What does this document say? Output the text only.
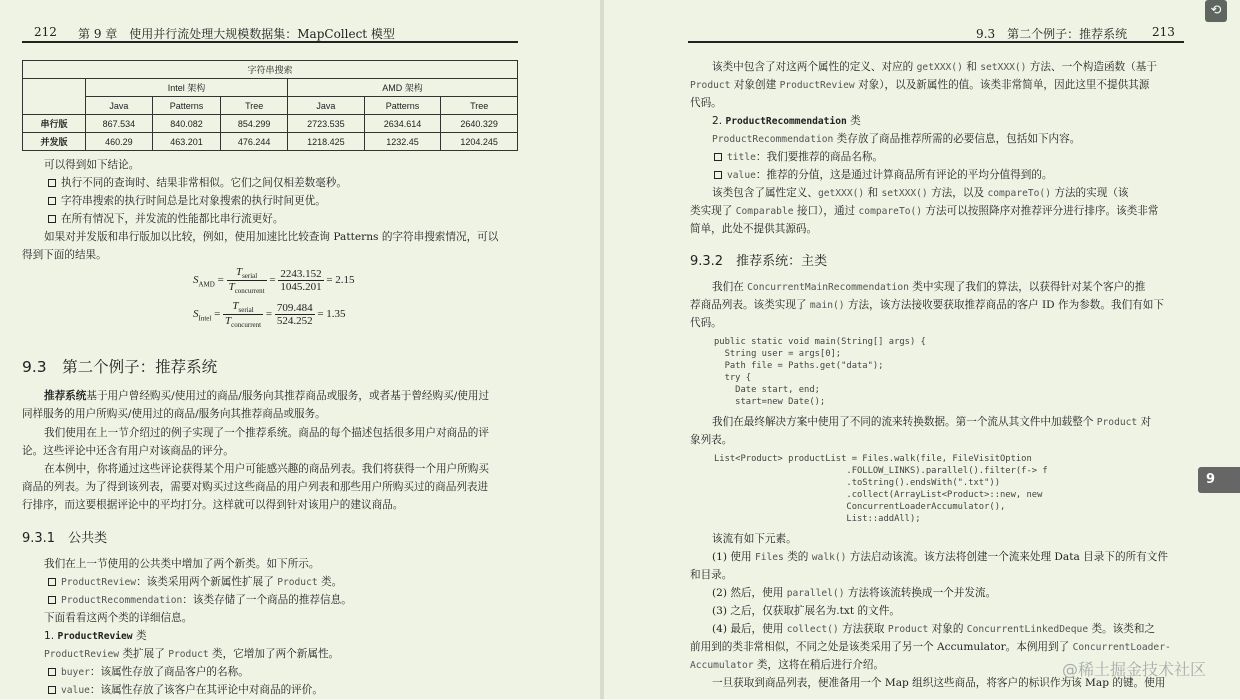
212 第 9 章　使用并行流处理大规模数据集：MapCollect 模型
字符串搜索						
	Intel 架构			AMD 架构		
	Java	Patterns	Tree	Java	Patterns	Tree
串行版	867.534	840.082	854.299	2723.535	2634.614	2640.329
并发版	460.29	463.201	476.244	1218.425	1232.45	1204.245
可以得到如下结论。
执行不同的查询时、结果非常相似。它们之间仅相差数毫秒。
字符串搜索的执行时间总是比对象搜索的执行时间更优。
在所有情况下，并发流的性能都比串行流更好。
如果对并发版和串行版加以比较，例如，使用加速比比较查询 Patterns 的字符串搜索情况，可以
得到下面的结果。
$S_{AMD} = \frac{T_{serial}}{T_{concurrent}} = \frac{2243.152}{1045.201} = 2.15$
$S_{Intel} = \frac{T_{serial}}{T_{concurrent}} = \frac{709.484}{524.252} = 1.35$
9.3　第二个例子：推荐系统
推荐系统基于用户曾经购买/使用过的商品/服务向其推荐商品或服务，或者基于曾经购买/使用过
同样服务的用户所购买/使用过的商品/服务向其推荐商品或服务。
我们使用在上一节介绍过的例子实现了一个推荐系统。商品的每个描述包括很多用户对商品的评
论。这些评论中还含有用户对该商品的评分。
在本例中，你将通过这些评论获得某个用户可能感兴趣的商品列表。我们将获得一个用户所购买
商品的列表。为了得到该列表，需要对购买过这些商品的用户列表和那些用户所购买过的商品列表进
行排序，而这要根据评论中的平均打分。这样就可以得到针对该用户的建议商品。
9.3.1　公共类
我们在上一节使用的公共类中增加了两个新类。如下所示。
ProductReview：该类采用两个新属性扩展了 Product 类。
ProductRecommendation：该类存储了一个商品的推荐信息。
下面看看这两个类的详细信息。
1. ProductReview 类
ProductReview 类扩展了 Product 类，它增加了两个新属性。
buyer：该属性存放了商品客户的名称。
value：该属性存放了该客户在其评论中对商品的评价。
9.3　第二个例子：推荐系统 213
该类中包含了对这两个属性的定义、对应的 getXXX() 和 setXXX() 方法、一个构造函数（基于
Product 对象创建 ProductReview 对象），以及新属性的值。该类非常简单，因此这里不提供其源
代码。
2. ProductRecommendation 类
ProductRecommendation 类存放了商品推荐所需的必要信息，包括如下内容。
title：我们要推荐的商品名称。
value：推荐的分值，这是通过计算商品所有评论的平均分值得到的。
该类包含了属性定义、getXXX() 和 setXXX() 方法，以及 compareTo() 方法的实现（该
类实现了 Comparable 接口），通过 compareTo() 方法可以按照降序对推荐评分进行排序。该类非常
简单，此处不提供其源码。
9.3.2　推荐系统：主类
我们在 ConcurrentMainRecommendation 类中实现了我们的算法，以获得针对某个客户的推
荐商品列表。该类实现了 main() 方法，该方法接收要获取推荐商品的客户 ID 作为参数。我们有如下
代码。
public static void main(String[] args) {
String user = args[0];
Path file = Paths.get("data");
try {
Date start, end;
start=new Date();
我们在最终解决方案中使用了不同的流来转换数据。第一个流从其文件中加载整个 Product 对
象列表。
List<Product> productList = Files.walk(file, FileVisitOption
.FOLLOW_LINKS).parallel().filter(f-> f
.toString().endsWith(".txt"))
.collect(ArrayList<Product>::new, new
ConcurrentLoaderAccumulator(),
List::addAll);
该流有如下元素。
(1) 使用 Files 类的 walk() 方法启动该流。该方法将创建一个流来处理 Data 目录下的所有文件
和目录。
(2) 然后，使用 parallel() 方法将该流转换成一个并发流。
(3) 之后，仅获取扩展名为.txt 的文件。
(4) 最后，使用 collect() 方法获取 Product 对象的 ConcurrentLinkedDeque 类。该类和之
前用到的类非常相似，不同之处是该类采用了另一个 Accumulator。本例用到了 ConcurrentLoader-
Accumulator 类，这将在稍后进行介绍。
一旦获取到商品列表，便准备用一个 Map 组织这些商品，将客户的标识作为该 Map 的键。使用
9
⟲
@稀土掘金技术社区
